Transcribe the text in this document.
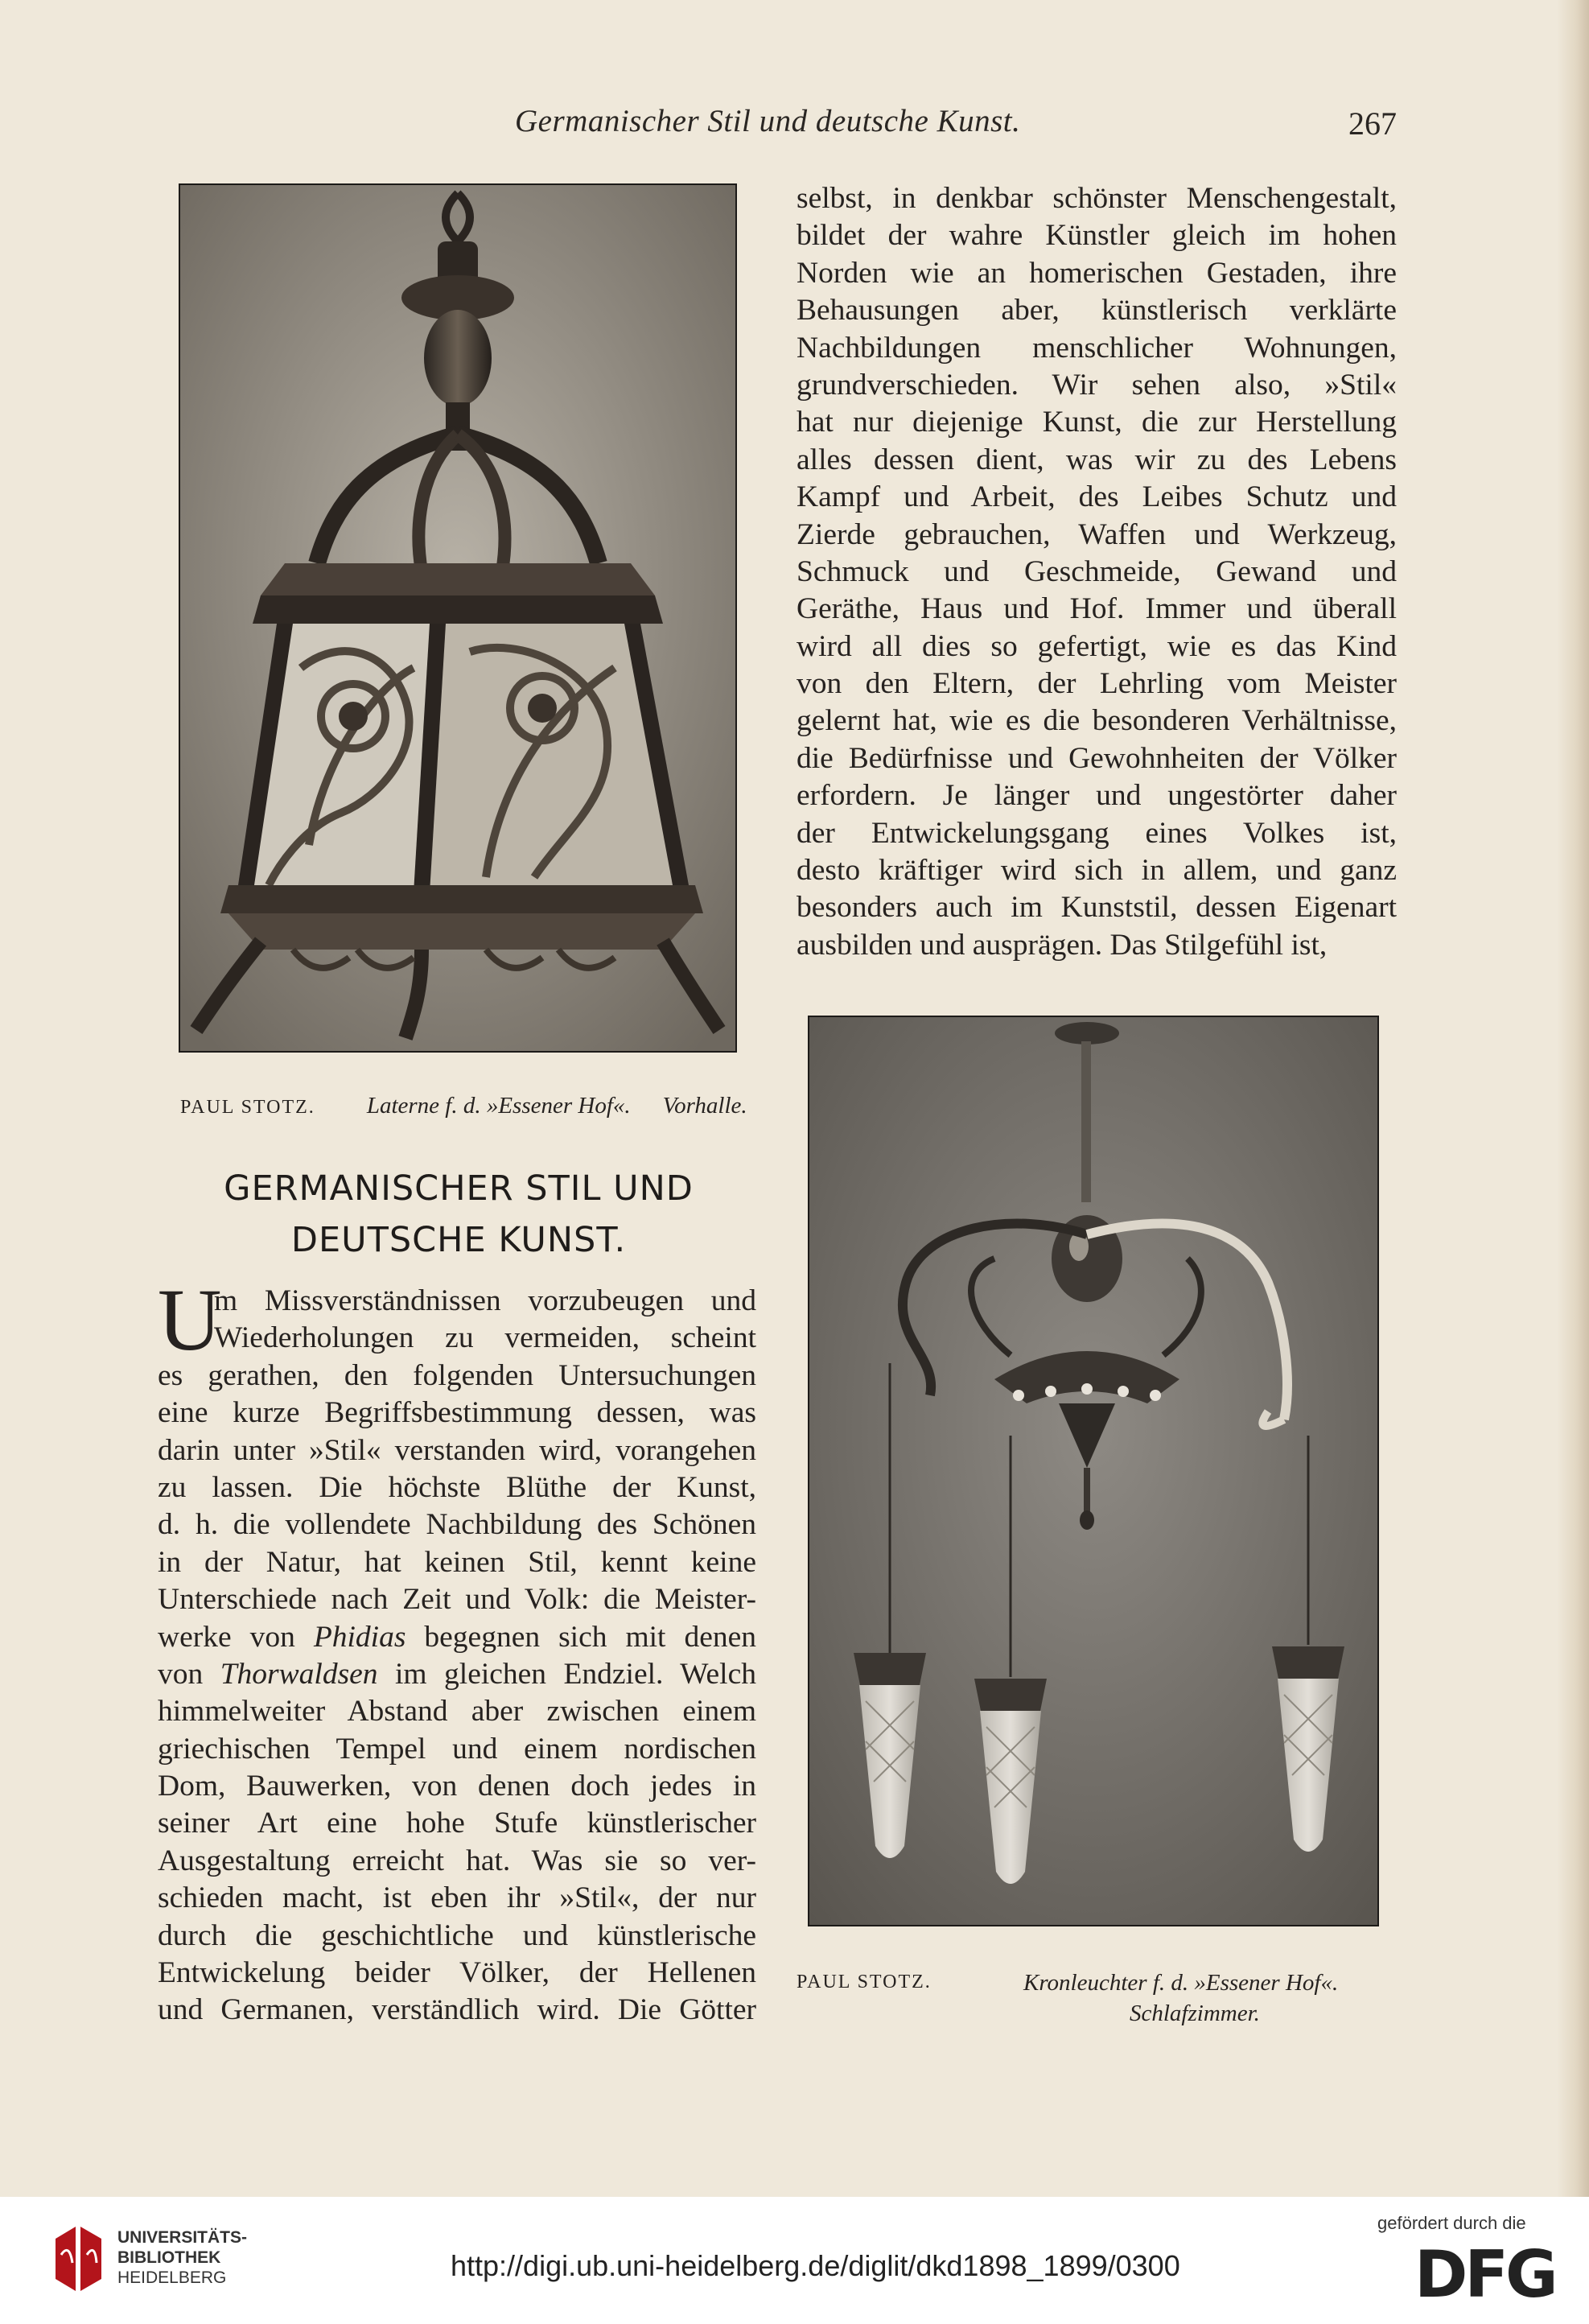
Germanischer Stil und deutsche Kunst.	267
PAUL STOTZ. Laterne f. d. »Essener Hof«. Vorhalle.
selbst, in denkbar schönster Menschengestalt,
bildet der wahre Künstler gleich im hohen
Norden wie an homerischen Gestaden, ihre
Behausungen aber, künstlerisch verklärte
Nachbildungen menschlicher Wohnungen,
grundverschieden. Wir sehen also, »Stil«
hat nur diejenige Kunst, die zur Herstellung
alles dessen dient, was wir zu des Lebens
Kampf und Arbeit, des Leibes Schutz und
Zierde gebrauchen, Waffen und Werkzeug,
Schmuck und Geschmeide, Gewand und
Geräthe, Haus und Hof. Immer und überall
wird all dies so gefertigt, wie es das Kind
von den Eltern, der Lehrling vom Meister
gelernt hat, wie es die besonderen Verhältnisse,
die Bedürfnisse und Gewohnheiten der Völker
erfordern. Je länger und ungestörter daher
der Entwickelungsgang eines Volkes ist,
desto kräftiger wird sich in allem, und ganz
besonders auch im Kunststil, dessen Eigenart
ausbilden und ausprägen. Das Stilgefühl ist,
PAUL STOTZ.	Kronleuchter f. d. »Essener Hof«.
Schlafzimmer.
GERMANISCHER STIL UND
DEUTSCHE KUNST.
U
m Missverständnissen vorzubeugen und
Wiederholungen zu vermeiden, scheint
es gerathen, den folgenden Untersuchungen
eine kurze Begriffsbestimmung dessen, was
darin unter »Stil« verstanden wird, vorangehen
zu lassen. Die höchste Blüthe der Kunst,
d. h. die vollendete Nachbildung des Schönen
in der Natur, hat keinen Stil, kennt keine
Unterschiede nach Zeit und Volk: die Meister-
werke von Phidias begegnen sich mit denen
von Thorwaldsen im gleichen Endziel. Welch
himmelweiter Abstand aber zwischen einem
griechischen Tempel und einem nordischen
Dom, Bauwerken, von denen doch jedes in
seiner Art eine hohe Stufe künstlerischer
Ausgestaltung erreicht hat. Was sie so ver-
schieden macht, ist eben ihr »Stil«, der nur
durch die geschichtliche und künstlerische
Entwickelung beider Völker, der Hellenen
und Germanen, verständlich wird. Die Götter
UNIVERSITÄTS-
BIBLIOTHEK
HEIDELBERG	http://digi.ub.uni-heidelberg.de/diglit/dkd1898_1899/0300
gefördert durch die
DFG
